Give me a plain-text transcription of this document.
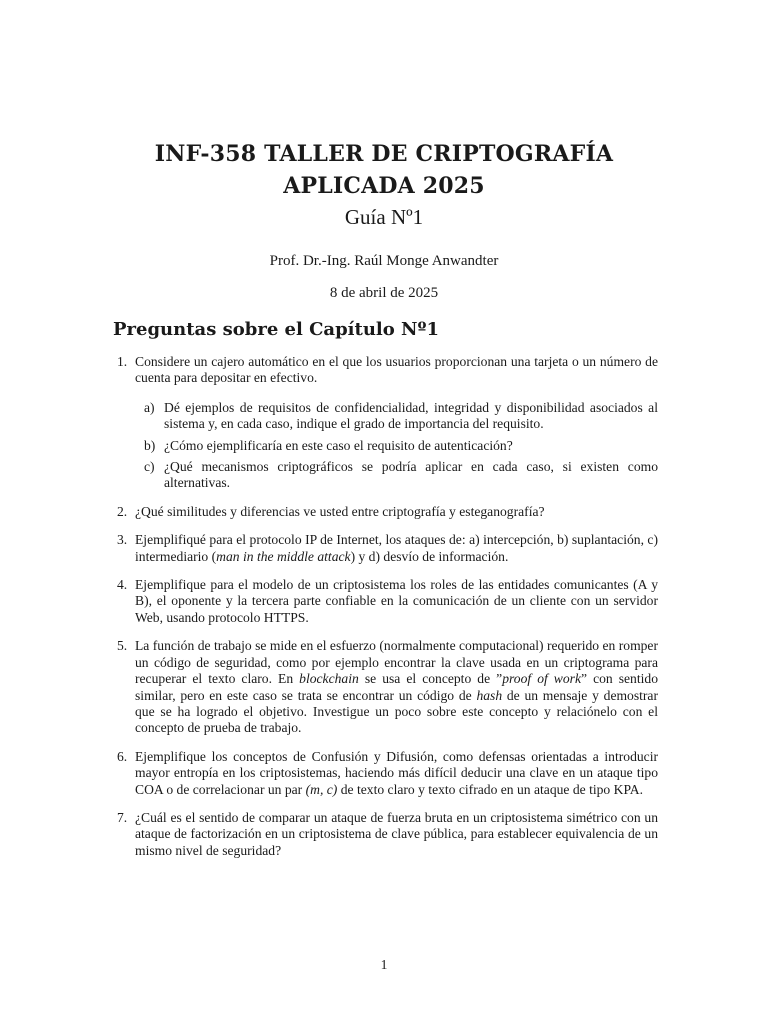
INF-358 TALLER DE CRIPTOGRAFÍA
APLICADA 2025
Guía Nº1
Prof. Dr.-Ing. Raúl Monge Anwandter
8 de abril de 2025
Preguntas sobre el Capítulo Nº1
1. Considere un cajero automático en el que los usuarios proporcionan una tarjeta o un número de cuenta para depositar en efectivo.
a) Dé ejemplos de requisitos de confidencialidad, integridad y disponibilidad asociados al sistema y, en cada caso, indique el grado de importancia del requisito.
b) ¿Cómo ejemplificaría en este caso el requisito de autenticación?
c) ¿Qué mecanismos criptográficos se podría aplicar en cada caso, si existen como alternativas.
2. ¿Qué similitudes y diferencias ve usted entre criptografía y esteganografía?
3. Ejemplifiqué para el protocolo IP de Internet, los ataques de: a) intercepción, b) suplantación, c) intermediario (man in the middle attack) y d) desvío de información.
4. Ejemplifique para el modelo de un criptosistema los roles de las entidades comunicantes (A y B), el oponente y la tercera parte confiable en la comunicación de un cliente con un servidor Web, usando protocolo HTTPS.
5. La función de trabajo se mide en el esfuerzo (normalmente computacional) requerido en romper un código de seguridad, como por ejemplo encontrar la clave usada en un criptograma para recuperar el texto claro. En blockchain se usa el concepto de ”proof of work” con sentido similar, pero en este caso se trata se encontrar un código de hash de un mensaje y demostrar que se ha logrado el objetivo. Investigue un poco sobre este concepto y relaciónelo con el concepto de prueba de trabajo.
6. Ejemplifique los conceptos de Confusión y Difusión, como defensas orientadas a introducir mayor entropía en los criptosistemas, haciendo más difícil deducir una clave en un ataque tipo COA o de correlacionar un par (m, c) de texto claro y texto cifrado en un ataque de tipo KPA.
7. ¿Cuál es el sentido de comparar un ataque de fuerza bruta en un criptosistema simétrico con un ataque de factorización en un criptosistema de clave pública, para establecer equivalencia de un mismo nivel de seguridad?
1
